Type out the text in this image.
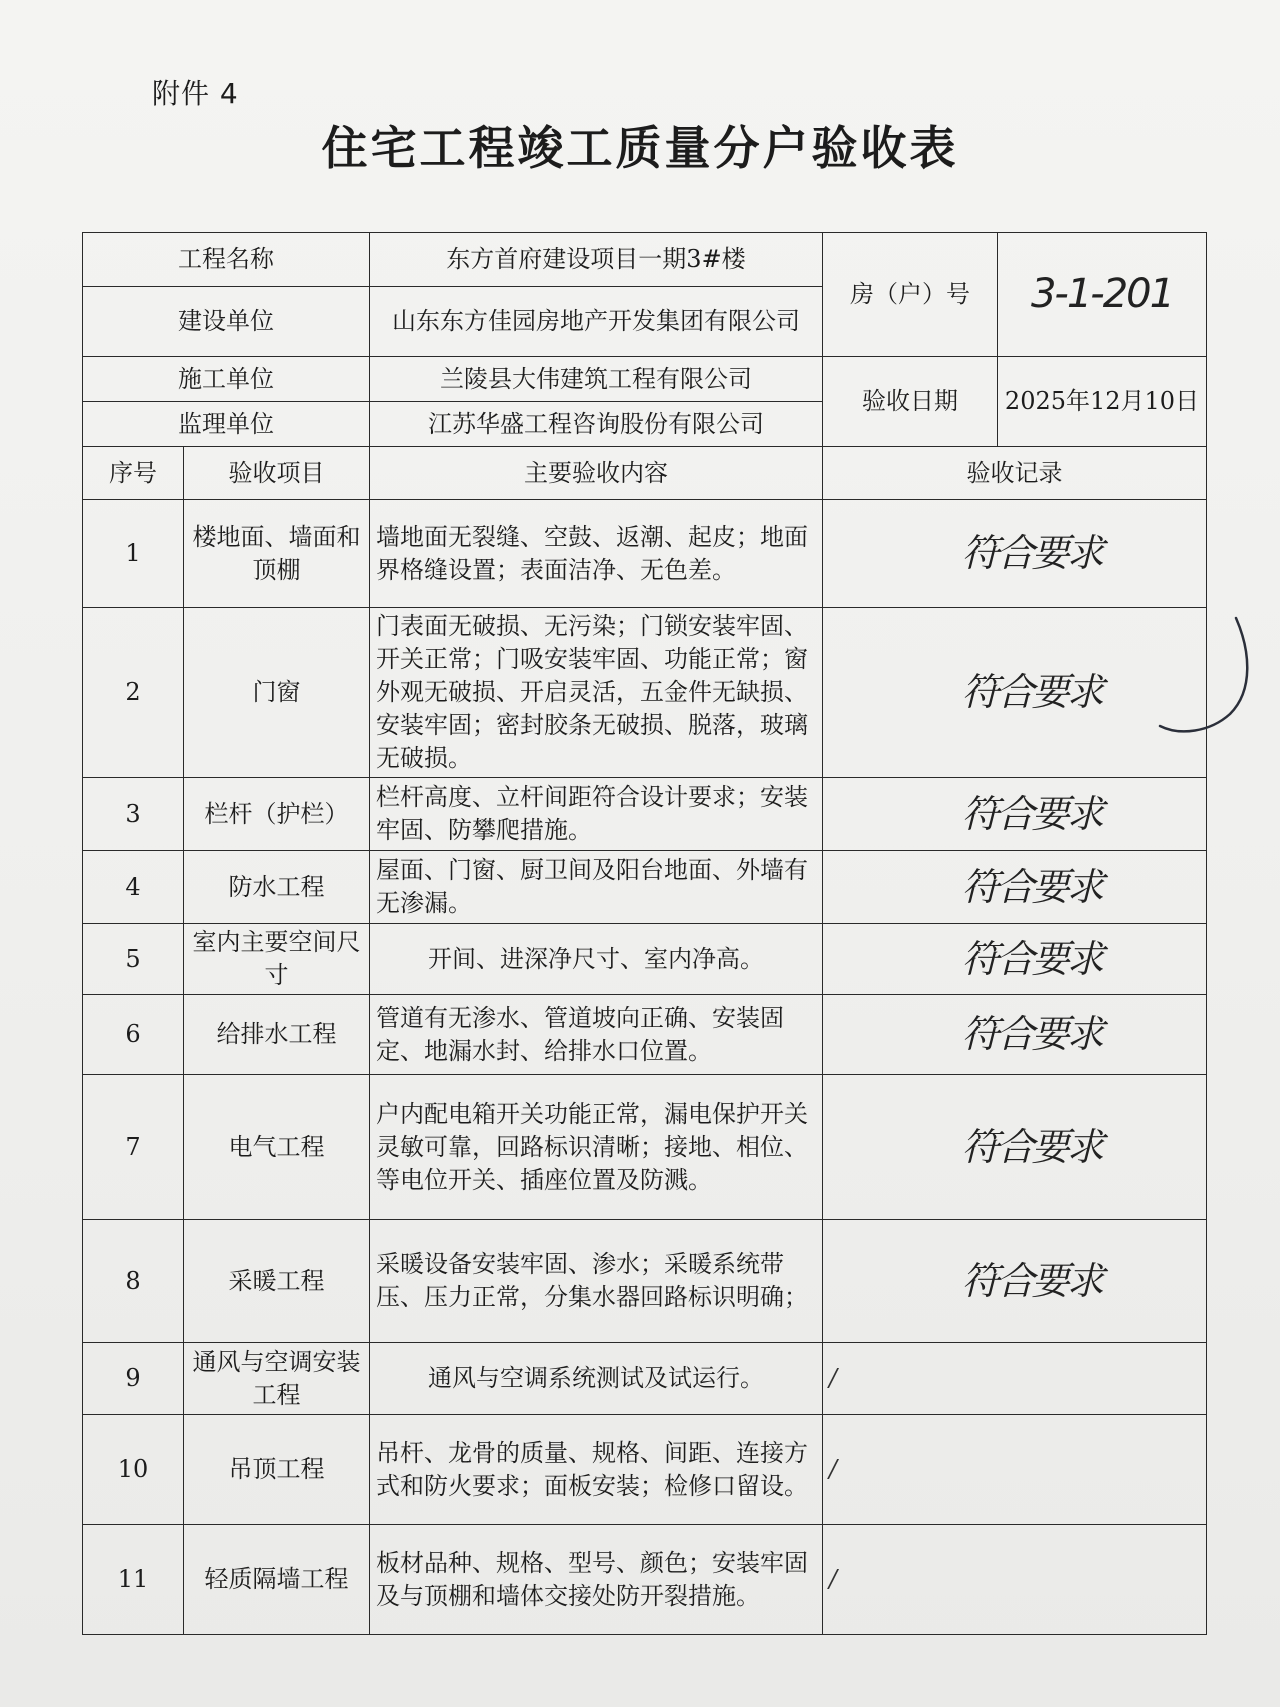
附件 4
住宅工程竣工质量分户验收表
工程名称		东方首府建设项目一期3#楼	房（户）号	3-1-201
建设单位		山东东方佳园房地产开发集团有限公司		
施工单位		兰陵县大伟建筑工程有限公司	验收日期	2025年12月10日
监理单位		江苏华盛工程咨询股份有限公司		
序号	验收项目	主要验收内容	验收记录	
1	楼地面、墙面和顶棚	墙地面无裂缝、空鼓、返潮、起皮；地面界格缝设置；表面洁净、无色差。	符合要求	
2	门窗	门表面无破损、无污染；门锁安装牢固、开关正常；门吸安装牢固、功能正常；窗外观无破损、开启灵活，五金件无缺损、 安装牢固；密封胶条无破损、脱落，玻璃无破损。	符合要求	
3	栏杆（护栏）	栏杆高度、立杆间距符合设计要求；安装牢固、防攀爬措施。	符合要求	
4	防水工程	屋面、门窗、厨卫间及阳台地面、外墙有无渗漏。	符合要求	
5	室内主要空间尺寸	开间、进深净尺寸、室内净高。	符合要求	
6	给排水工程	管道有无渗水、管道坡向正确、安装固定、地漏水封、给排水口位置。	符合要求	
7	电气工程	户内配电箱开关功能正常，漏电保护开关灵敏可靠，回路标识清晰；接地、相位、等电位开关、插座位置及防溅。	符合要求	
8	采暖工程	采暖设备安装牢固、渗水；采暖系统带压、压力正常，分集水器回路标识明确；	符合要求	
9	通风与空调安装工程	通风与空调系统测试及试运行。	/	
10	吊顶工程	吊杆、龙骨的质量、规格、间距、连接方式和防火要求；面板安装；检修口留设。	/	
11	轻质隔墙工程	板材品种、规格、型号、颜色；安装牢固及与顶棚和墙体交接处防开裂措施。	/	
